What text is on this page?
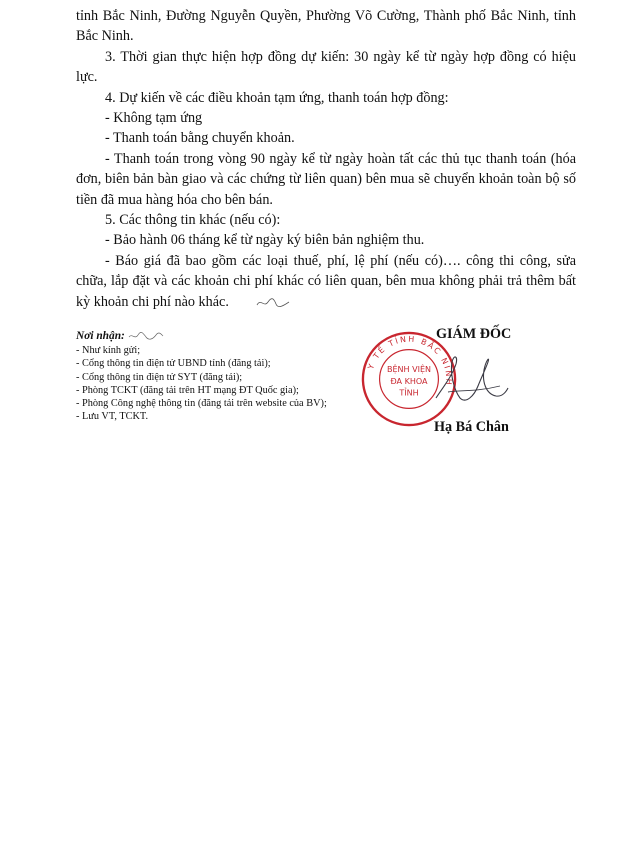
tỉnh Bắc Ninh, Đường Nguyễn Quyền, Phường Võ Cường, Thành phố Bắc Ninh, tỉnh Bắc Ninh.

3. Thời gian thực hiện hợp đồng dự kiến: 30 ngày kể từ ngày hợp đồng có hiệu lực.

4. Dự kiến về các điều khoản tạm ứng, thanh toán hợp đồng:

- Không tạm ứng

- Thanh toán bằng chuyển khoản.

- Thanh toán trong vòng 90 ngày kể từ ngày hoàn tất các thủ tục thanh toán (hóa đơn, biên bản bàn giao và các chứng từ liên quan) bên mua sẽ chuyển khoản toàn bộ số tiền đã mua hàng hóa cho bên bán.

5. Các thông tin khác (nếu có):

- Bảo hành 06 tháng kể từ ngày ký biên bản nghiệm thu.

- Báo giá đã bao gồm các loại thuế, phí, lệ phí (nếu có)…. công thi công, sửa chữa, lắp đặt và các khoản chi phí khác có liên quan, bên mua không phải trả thêm bất kỳ khoản chi phí nào khác.

Nơi nhận:
- Như kính gửi;
- Cổng thông tin điện tử UBND tỉnh (đăng tải);
- Cổng thông tin điện tử SYT (đăng tải);
- Phòng TCKT (đăng tải trên HT mạng ĐT Quốc gia);
- Phòng Công nghệ thông tin (đăng tải trên website của BV);
- Lưu VT, TCKT.
Y TẾ TỈNH BẮC NINH
BỆNH VIỆN
ĐA KHOA
TỈNH
GIÁM ĐỐC
Hạ Bá Chân
